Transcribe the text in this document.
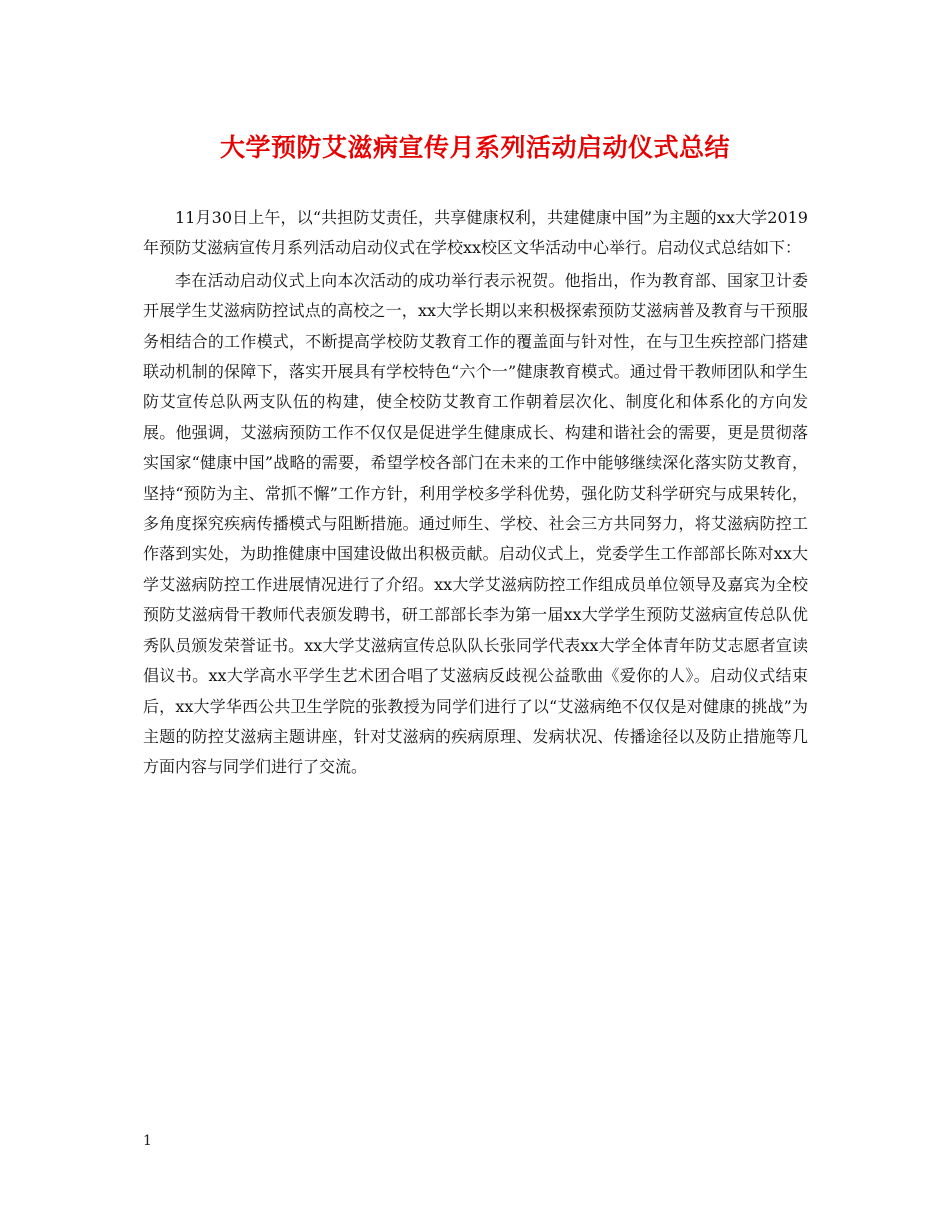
大学预防艾滋病宣传月系列活动启动仪式总结

11月30日上午，以“共担防艾责任，共享健康权利，共建健康中国”为主题的xx大学2019年预防艾滋病宣传月系列活动启动仪式在学校xx校区文华活动中心举行。启动仪式总结如下：

李在活动启动仪式上向本次活动的成功举行表示祝贺。他指出，作为教育部、国家卫计委开展学生艾滋病防控试点的高校之一，xx大学长期以来积极探索预防艾滋病普及教育与干预服务相结合的工作模式，不断提高学校防艾教育工作的覆盖面与针对性，在与卫生疾控部门搭建联动机制的保障下，落实开展具有学校特色“六个一”健康教育模式。通过骨干教师团队和学生防艾宣传总队两支队伍的构建，使全校防艾教育工作朝着层次化、制度化和体系化的方向发展。他强调，艾滋病预防工作不仅仅是促进学生健康成长、构建和谐社会的需要，更是贯彻落实国家“健康中国”战略的需要，希望学校各部门在未来的工作中能够继续深化落实防艾教育，坚持“预防为主、常抓不懈”工作方针，利用学校多学科优势，强化防艾科学研究与成果转化，多角度探究疾病传播模式与阻断措施。通过师生、学校、社会三方共同努力，将艾滋病防控工作落到实处，为助推健康中国建设做出积极贡献。启动仪式上，党委学生工作部部长陈对xx大学艾滋病防控工作进展情况进行了介绍。xx大学艾滋病防控工作组成员单位领导及嘉宾为全校预防艾滋病骨干教师代表颁发聘书，研工部部长李为第一届xx大学学生预防艾滋病宣传总队优秀队员颁发荣誉证书。xx大学艾滋病宣传总队队长张同学代表xx大学全体青年防艾志愿者宣读倡议书。xx大学高水平学生艺术团合唱了艾滋病反歧视公益歌曲《爱你的人》。启动仪式结束后，xx大学华西公共卫生学院的张教授为同学们进行了以“艾滋病绝不仅仅是对健康的挑战”为主题的防控艾滋病主题讲座，针对艾滋病的疾病原理、发病状况、传播途径以及防止措施等几方面内容与同学们进行了交流。

1
